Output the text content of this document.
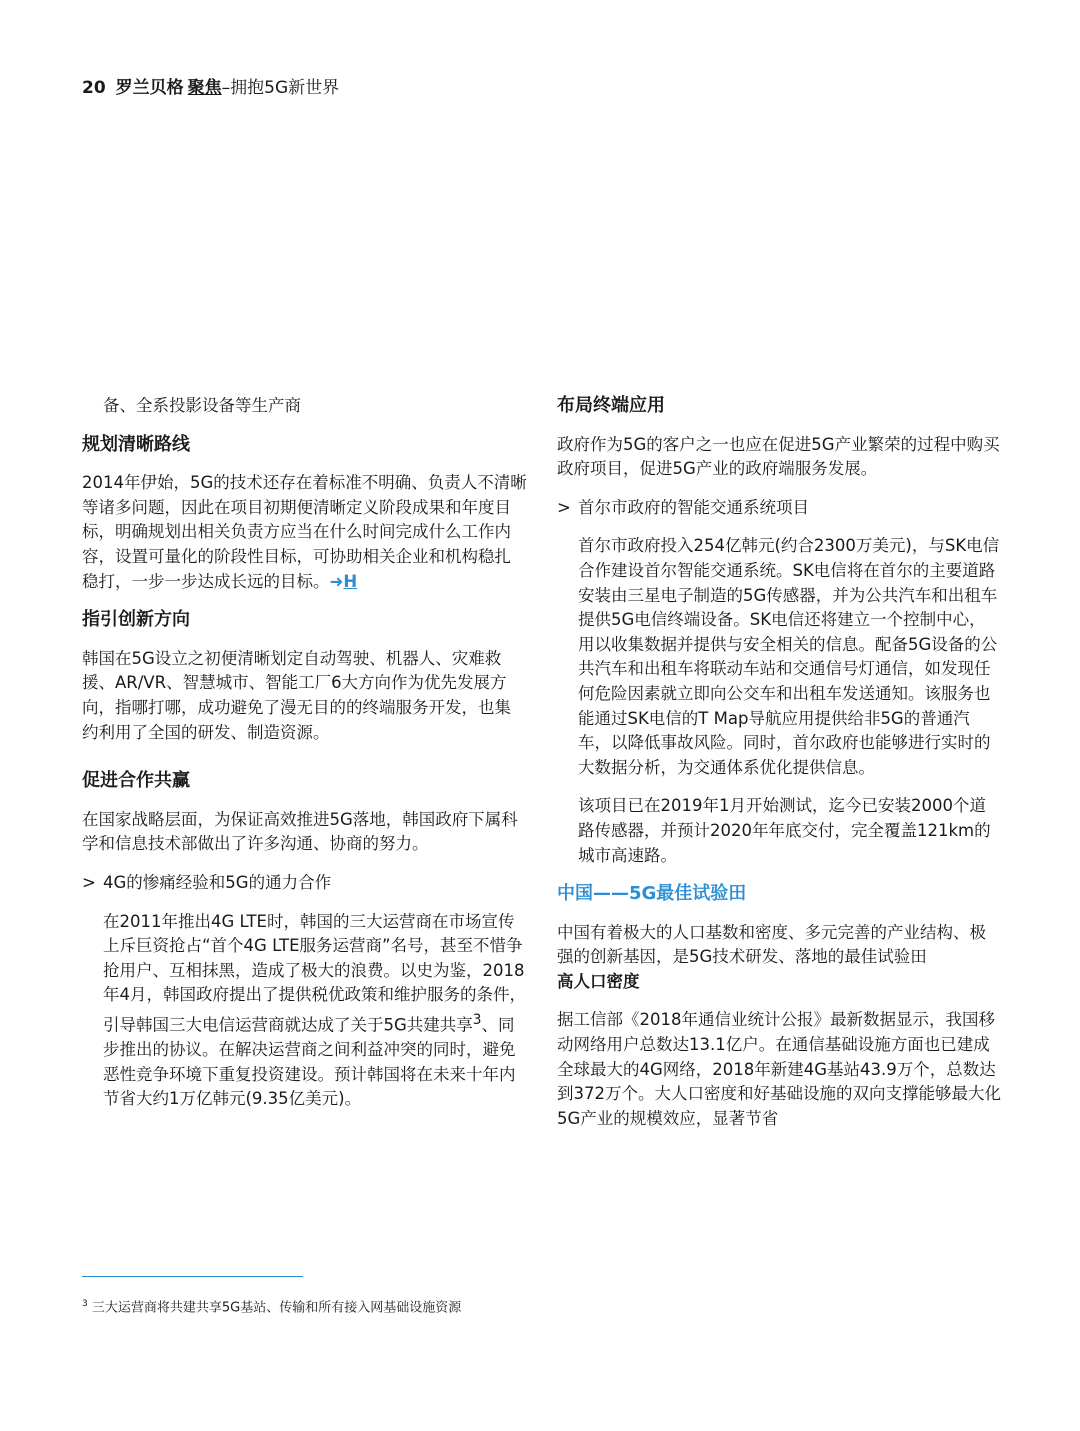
20 罗兰贝格 聚焦–拥抱5G新世界

备、全系投影设备等生产商

规划清晰路线

2014年伊始，5G的技术还存在着标准不明确、负责人不清晰等诸多问题，因此在项目初期便清晰定义阶段成果和年度目标，明确规划出相关负责方应当在什么时间完成什么工作内容，设置可量化的阶段性目标，可协助相关企业和机构稳扎稳打，一步一步达成长远的目标。➜H

指引创新方向

韩国在5G设立之初便清晰划定自动驾驶、机器人、灾难救援、AR/VR、智慧城市、智能工厂6大方向作为优先发展方向，指哪打哪，成功避免了漫无目的的终端服务开发，也集约利用了全国的研发、制造资源。

促进合作共赢

在国家战略层面，为保证高效推进5G落地，韩国政府下属科学和信息技术部做出了许多沟通、协商的努力。

> 4G的惨痛经验和5G的通力合作

在2011年推出4G LTE时，韩国的三大运营商在市场宣传上斥巨资抢占“首个4G LTE服务运营商”名号，甚至不惜争抢用户、互相抹黑，造成了极大的浪费。以史为鉴，2018年4月，韩国政府提出了提供税优政策和维护服务的条件，引导韩国三大电信运营商就达成了关于5G共建共享$^3$、同步推出的协议。在解决运营商之间利益冲突的同时，避免恶性竞争环境下重复投资建设。预计韩国将在未来十年内节省大约1万亿韩元(9.35亿美元)。

布局终端应用

政府作为5G的客户之一也应在促进5G产业繁荣的过程中购买政府项目，促进5G产业的政府端服务发展。

> 首尔市政府的智能交通系统项目

首尔市政府投入254亿韩元(约合2300万美元)，与SK电信合作建设首尔智能交通系统。SK电信将在首尔的主要道路安装由三星电子制造的5G传感器，并为公共汽车和出租车提供5G电信终端设备。SK电信还将建立一个控制中心，用以收集数据并提供与安全相关的信息。配备5G设备的公共汽车和出租车将联动车站和交通信号灯通信，如发现任何危险因素就立即向公交车和出租车发送通知。该服务也能通过SK电信的T Map导航应用提供给非5G的普通汽车，以降低事故风险。同时，首尔政府也能够进行实时的大数据分析，为交通体系优化提供信息。

该项目已在2019年1月开始测试，迄今已安装2000个道路传感器，并预计2020年年底交付，完全覆盖121km的城市高速路。

中国——5G最佳试验田

中国有着极大的人口基数和密度、多元完善的产业结构、极强的创新基因，是5G技术研发、落地的最佳试验田

高人口密度

据工信部《2018年通信业统计公报》最新数据显示，我国移动网络用户总数达13.1亿户。在通信基础设施方面也已建成全球最大的4G网络，2018年新建4G基站43.9万个，总数达到372万个。大人口密度和好基础设施的双向支撑能够最大化5G产业的规模效应，显著节省

$^3$ 三大运营商将共建共享5G基站、传输和所有接入网基础设施资源
